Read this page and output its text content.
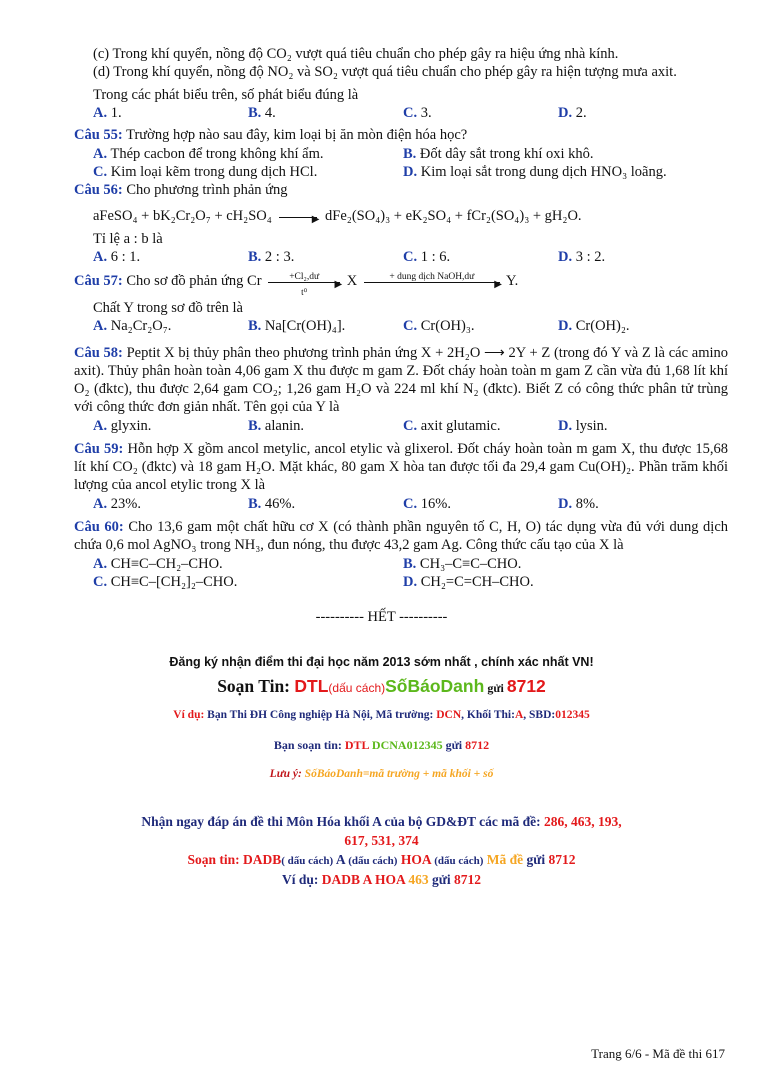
(c) Trong khí quyển, nồng độ CO₂ vượt quá tiêu chuẩn cho phép gây ra hiệu ứng nhà kính.
(d) Trong khí quyển, nồng độ NO₂ và SO₂ vượt quá tiêu chuẩn cho phép gây ra hiện tượng mưa axit.
Trong các phát biểu trên, số phát biểu đúng là
A. 1.	B. 4.	C. 3.	D. 2.
Câu 55: Trường hợp nào sau đây, kim loại bị ăn mòn điện hóa học?
A. Thép cacbon để trong không khí ẩm.	B. Đốt dây sắt trong khí oxi khô.
C. Kim loại kẽm trong dung dịch HCl.	D. Kim loại sắt trong dung dịch HNO₃ loãng.
Câu 56: Cho phương trình phản ứng
aFeSO₄ + bK₂Cr₂O₇ + cH₂SO₄	▶ dFe₂(SO₄)₃ + eK₂SO₄ + fCr₂(SO₄)₃ + gH₂O.
Tỉ lệ a : b là
A. 6 : 1.	B. 2 : 3.	C. 1 : 6.	D. 3 : 2.
Câu 57: Cho sơ đồ phản ứng Cr	+Cl₂,dư
▶
t⁰
X	+ dung dịch NaOH,dư
▶ Y.
Chất Y trong sơ đồ trên là
A. Na₂Cr₂O₇.	B. Na[Cr(OH)₄].	C. Cr(OH)₃.	D. Cr(OH)₂.
Câu 58: Peptit X bị thủy phân theo phương trình phản ứng X + 2H₂O ⟶ 2Y + Z (trong đó Y và Z là các amino axit). Thủy phân hoàn toàn 4,06 gam X thu được m gam Z. Đốt cháy hoàn toàn m gam Z cần vừa đủ 1,68 lít khí O₂ (đktc), thu được 2,64 gam CO₂; 1,26 gam H₂O và 224 ml khí N₂ (đktc). Biết Z có công thức phân tử trùng với công thức đơn giản nhất. Tên gọi của Y là
A. glyxin.	B. alanin.	C. axit glutamic.	D. lysin.
Câu 59: Hỗn hợp X gồm ancol metylic, ancol etylic và glixerol. Đốt cháy hoàn toàn m gam X, thu được 15,68 lít khí CO₂ (đktc) và 18 gam H₂O. Mặt khác, 80 gam X hòa tan được tối đa 29,4 gam Cu(OH)₂. Phần trăm khối lượng của ancol etylic trong X là
A. 23%.	B. 46%.	C. 16%.	D. 8%.
Câu 60: Cho 13,6 gam một chất hữu cơ X (có thành phần nguyên tố C, H, O) tác dụng vừa đủ với dung dịch chứa 0,6 mol AgNO₃ trong NH₃, đun nóng, thu được 43,2 gam Ag. Công thức cấu tạo của X là
A. CH≡C–CH₂–CHO.	B. CH₃–C≡C–CHO.
C. CH≡C–[CH₂]₂–CHO.	D. CH₂=C=CH–CHO.
---------- HẾT ----------
Đăng ký nhận điểm thi đại học năm 2013 sớm nhất , chính xác nhất VN!
Soạn Tin: DTL(dấu cách)SốBáoDanh gửi 8712
Ví dụ: Bạn Thi ĐH Công nghiệp Hà Nội, Mã trường: DCN, Khối Thi:A, SBD:012345
Bạn soạn tin: DTL DCNA012345 gửi 8712
Lưu ý: SốBáoDanh=mã trường + mã khối + số
Nhận ngay đáp án đề thi Môn Hóa khối A của bộ GD&ĐT các mã đề: 286, 463, 193,
617, 531, 374
Soạn tin: DADB( dấu cách) A (dấu cách) HOA (dấu cách) Mã đề gửi 8712
Ví dụ: DADB A HOA 463 gửi 8712
Trang 6/6 - Mã đề thi 617
